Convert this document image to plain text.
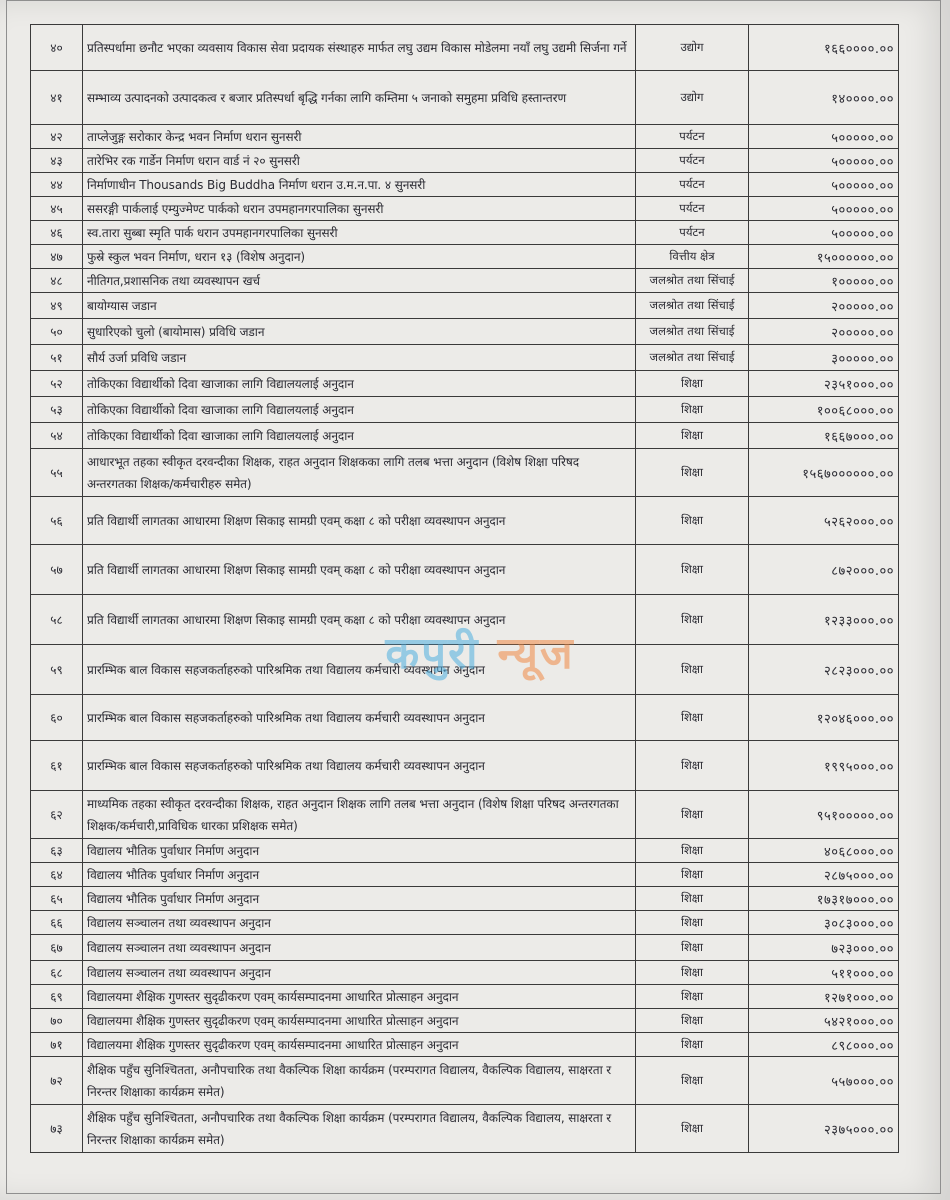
४०	प्रतिस्पर्धामा छनौट भएका व्यवसाय विकास सेवा प्रदायक संस्थाहरु मार्फत लघु उद्यम विकास मोडेलमा नयाँ लघु उद्यमी सिर्जना गर्ने	उद्योग	१६६००००.००
४१	सम्भाव्य उत्पादनको उत्पादकत्व र बजार प्रतिस्पर्धा बृद्धि गर्नका लागि कम्तिमा ५ जनाको समुहमा प्रविधि हस्तान्तरण	उद्योग	१४००००.००
४२	ताप्लेजुङ्ग सरोकार केन्द्र भवन निर्माण धरान सुनसरी	पर्यटन	५०००००.००
४३	तारेभिर रक गार्डेन निर्माण धरान वार्ड नं २० सुनसरी	पर्यटन	५०००००.००
४४	निर्माणाधीन Thousands Big Buddha निर्माण धरान उ.म.न.पा. ४ सुनसरी	पर्यटन	५०००००.००
४५	ससरङ्गी पार्कलाई एम्युज्मेण्ट पार्कको धरान उपमहानगरपालिका सुनसरी	पर्यटन	५०००००.००
४६	स्व.तारा सुब्बा स्मृति पार्क धरान उपमहानगरपालिका सुनसरी	पर्यटन	५०००००.००
४७	फुस्रे स्कुल भवन निर्माण, धरान १३ (विशेष अनुदान)	वित्तीय क्षेत्र	१५००००००.००
४८	नीतिगत,प्रशासनिक तथा व्यवस्थापन खर्च	जलश्रोत तथा सिंचाई	१०००००.००
४९	बायोग्यास जडान	जलश्रोत तथा सिंचाई	२०००००.००
५०	सुधारिएको चुलो (बायोमास) प्रविधि जडान	जलश्रोत तथा सिंचाई	२०००००.००
५१	सौर्य उर्जा प्रविधि जडान	जलश्रोत तथा सिंचाई	३०००००.००
५२	तोकिएका विद्यार्थीको दिवा खाजाका लागि विद्यालयलाई अनुदान	शिक्षा	२३५१०००.००
५३	तोकिएका विद्यार्थीको दिवा खाजाका लागि विद्यालयलाई अनुदान	शिक्षा	१००६८०००.००
५४	तोकिएका विद्यार्थीको दिवा खाजाका लागि विद्यालयलाई अनुदान	शिक्षा	१६६७०००.००
५५	आधारभूत तहका स्वीकृत दरवन्दीका शिक्षक, राहत अनुदान शिक्षकका लागि तलब भत्ता अनुदान (विशेष शिक्षा परिषद अन्तरगतका शिक्षक/कर्मचारीहरु समेत)	शिक्षा	१५६७००००००.००
५६	प्रति विद्यार्थी लागतका आधारमा शिक्षण सिकाइ सामग्री एवम् कक्षा ८ को परीक्षा व्यवस्थापन अनुदान	शिक्षा	५२६२०००.००
५७	प्रति विद्यार्थी लागतका आधारमा शिक्षण सिकाइ सामग्री एवम् कक्षा ८ को परीक्षा व्यवस्थापन अनुदान	शिक्षा	८७२०००.००
५८	प्रति विद्यार्थी लागतका आधारमा शिक्षण सिकाइ सामग्री एवम् कक्षा ८ को परीक्षा व्यवस्थापन अनुदान	शिक्षा	१२३३०००.००
५९	प्रारम्भिक बाल विकास सहजकर्ताहरुको पारिश्रमिक तथा विद्यालय कर्मचारी व्यवस्थापन अनुदान	शिक्षा	२८२३०००.००
६०	प्रारम्भिक बाल विकास सहजकर्ताहरुको पारिश्रमिक तथा विद्यालय कर्मचारी व्यवस्थापन अनुदान	शिक्षा	१२०४६०००.००
६१	प्रारम्भिक बाल विकास सहजकर्ताहरुको पारिश्रमिक तथा विद्यालय कर्मचारी व्यवस्थापन अनुदान	शिक्षा	१९९५०००.००
६२	माध्यमिक तहका स्वीकृत दरवन्दीका शिक्षक, राहत अनुदान शिक्षक लागि तलब भत्ता अनुदान (विशेष शिक्षा परिषद अन्तरगतका शिक्षक/कर्मचारी,प्राविधिक धारका प्रशिक्षक समेत)	शिक्षा	९५१०००००.००
६३	विद्यालय भौतिक पुर्वाधार निर्माण अनुदान	शिक्षा	४०६८०००.००
६४	विद्यालय भौतिक पुर्वाधार निर्माण अनुदान	शिक्षा	२८७५०००.००
६५	विद्यालय भौतिक पुर्वाधार निर्माण अनुदान	शिक्षा	१७३१७०००.००
६६	विद्यालय सञ्चालन तथा व्यवस्थापन अनुदान	शिक्षा	३०८३०००.००
६७	विद्यालय सञ्चालन तथा व्यवस्थापन अनुदान	शिक्षा	७२३०००.००
६८	विद्यालय सञ्चालन तथा व्यवस्थापन अनुदान	शिक्षा	५११०००.००
६९	विद्यालयमा शैक्षिक गुणस्तर सुदृढीकरण एवम् कार्यसम्पादनमा आधारित प्रोत्साहन अनुदान	शिक्षा	१२७१०००.००
७०	विद्यालयमा शैक्षिक गुणस्तर सुदृढीकरण एवम् कार्यसम्पादनमा आधारित प्रोत्साहन अनुदान	शिक्षा	५४२१०००.००
७१	विद्यालयमा शैक्षिक गुणस्तर सुदृढीकरण एवम् कार्यसम्पादनमा आधारित प्रोत्साहन अनुदान	शिक्षा	८९८०००.००
७२	शैक्षिक पहुँच सुनिश्चितता, अनौपचारिक तथा वैकल्पिक शिक्षा कार्यक्रम (परम्परागत विद्यालय, वैकल्पिक विद्यालय, साक्षरता र निरन्तर शिक्षाका कार्यक्रम समेत)	शिक्षा	५५७०००.००
७३	शैक्षिक पहुँच सुनिश्चितता, अनौपचारिक तथा वैकल्पिक शिक्षा कार्यक्रम (परम्परागत विद्यालय, वैकल्पिक विद्यालय, साक्षरता र निरन्तर शिक्षाका कार्यक्रम समेत)	शिक्षा	२३७५०००.००
कपुरी न्यूज
